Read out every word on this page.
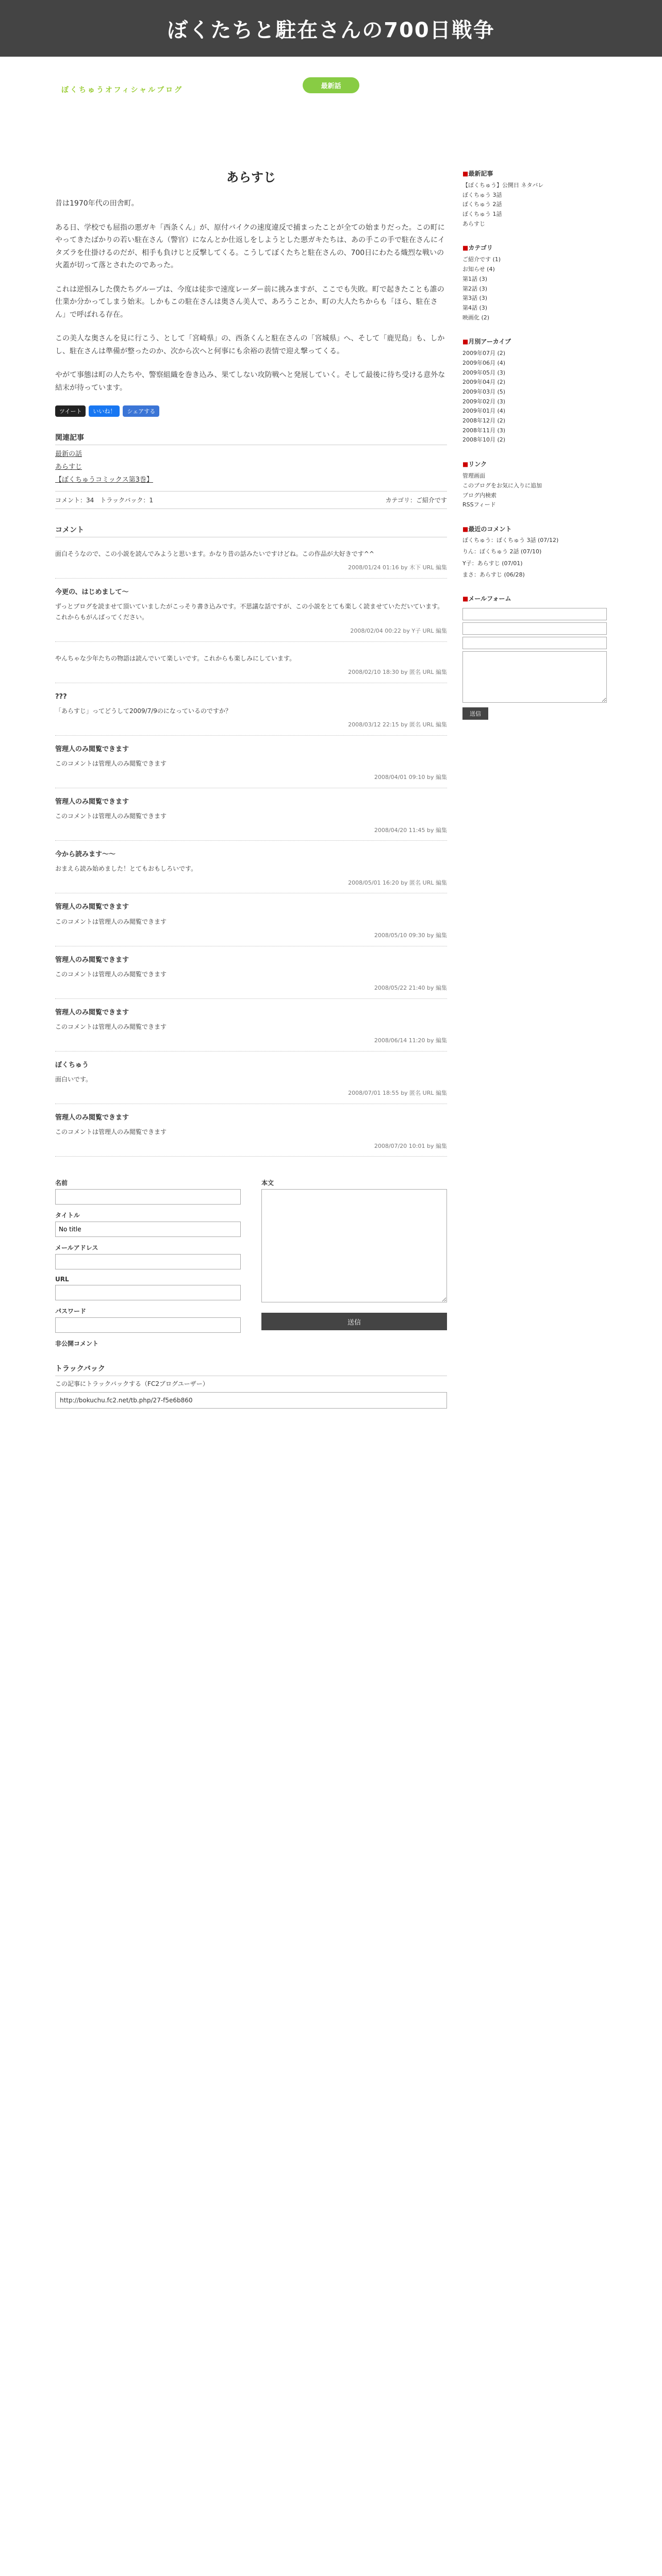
ぼくたちと駐在さんの700日戦争
ぼくちゅうオフィシャルブログ	最新話
あらすじ

昔は1970年代の田舎町。

ある日、学校でも屈指の悪ガキ「西条くん」が、原付バイクの速度違反で捕まったことが全ての始まりだった。この町にやってきたばかりの若い駐在さん（警官）になんとか仕返しをしようとした悪ガキたちは、あの手この手で駐在さんにイタズラを仕掛けるのだが、相手も負けじと反撃してくる。こうしてぼくたちと駐在さんの、700日にわたる熾烈な戦いの火蓋が切って落とされたのであった。

これは逆恨みした僕たちグループは、今度は徒歩で速度レーダー前に挑みますが、ここでも失敗。町で起きたことも誰の仕業か分かってしまう始末。しかもこの駐在さんは奥さん美人で、あろうことか、町の大人たちからも「ほら、駐在さん」で呼ばれる存在。

この美人な奥さんを見に行こう、として「宮崎県」の、西条くんと駐在さんの「宮城県」へ、そして「鹿児島」も、しかし、駐在さんは準備が整ったのか、次から次へと何事にも余裕の表情で迎え撃ってくる。

やがて事態は町の人たちや、警察組織を巻き込み、果てしない攻防戦へと発展していく。そして最後に待ち受ける意外な結末が待っています。

ツイート	いいね！	シェアする
関連記事
最新の話
あらすじ
【ぼくちゅうコミックス第3巻】
コメント：34　 トラックバック：1	カテゴリ：ご紹介です
コメント
面白そうなので、この小説を読んでみようと思います。かなり昔の話みたいですけどね。この作品が大好きです^^
2008/01/24 01:16 by 木下 URL 編集
今更の、はじめまして〜
ずっとブログを読ませて頂いていましたがこっそり書き込みです。不思議な話ですが、この小説をとても楽しく読ませていただいています。これからもがんばってください。
2008/02/04 00:22 by Y子 URL 編集
やんちゃな少年たちの物語は読んでいて楽しいです。これからも楽しみにしています。
2008/02/10 18:30 by 匿名 URL 編集
???
「あらすじ」ってどうして2009/7/9のになっているのですか？
2008/03/12 22:15 by 匿名 URL 編集
管理人のみ閲覧できます
このコメントは管理人のみ閲覧できます
2008/04/01 09:10 by 編集
管理人のみ閲覧できます
このコメントは管理人のみ閲覧できます
2008/04/20 11:45 by 編集
今から読みます〜〜
おまえら読み始めました！とてもおもしろいです。
2008/05/01 16:20 by 匿名 URL 編集
管理人のみ閲覧できます
このコメントは管理人のみ閲覧できます
2008/05/10 09:30 by 編集
管理人のみ閲覧できます
このコメントは管理人のみ閲覧できます
2008/05/22 21:40 by 編集
管理人のみ閲覧できます
このコメントは管理人のみ閲覧できます
2008/06/14 11:20 by 編集
ぼくちゅう
面白いです。
2008/07/01 18:55 by 匿名 URL 編集
管理人のみ閲覧できます
このコメントは管理人のみ閲覧できます
2008/07/20 10:01 by 編集
名前
タイトル
No title
メールアドレス
URL
パスワード
非公開コメント
本文
送信
トラックバック
この記事にトラックバックする（FC2ブログユーザー）
http://bokuchu.fc2.net/tb.php/27-f5e6b860
■最新記事
【ぼくちゅう】公開日 ネタバレ
ぼくちゅう 3話
ぼくちゅう 2話
ぼくちゅう 1話
あらすじ
■カテゴリ
ご紹介です (1)
お知らせ (4)
第1話 (3)
第2話 (3)
第3話 (3)
第4話 (3)
映画化 (2)
■月別アーカイブ
2009年07月 (2)
2009年06月 (4)
2009年05月 (3)
2009年04月 (2)
2009年03月 (5)
2009年02月 (3)
2009年01月 (4)
2008年12月 (2)
2008年11月 (3)
2008年10月 (2)
■リンク
管理画面
このブログをお気に入りに追加
ブログ内検索
RSSフィード
■最近のコメント
ぼくちゅう：ぼくちゅう 3話 (07/12)
りん：ぼくちゅう 2話 (07/10)
Y子：あらすじ (07/01)
まさ：あらすじ (06/28)
■メールフォーム
送信
